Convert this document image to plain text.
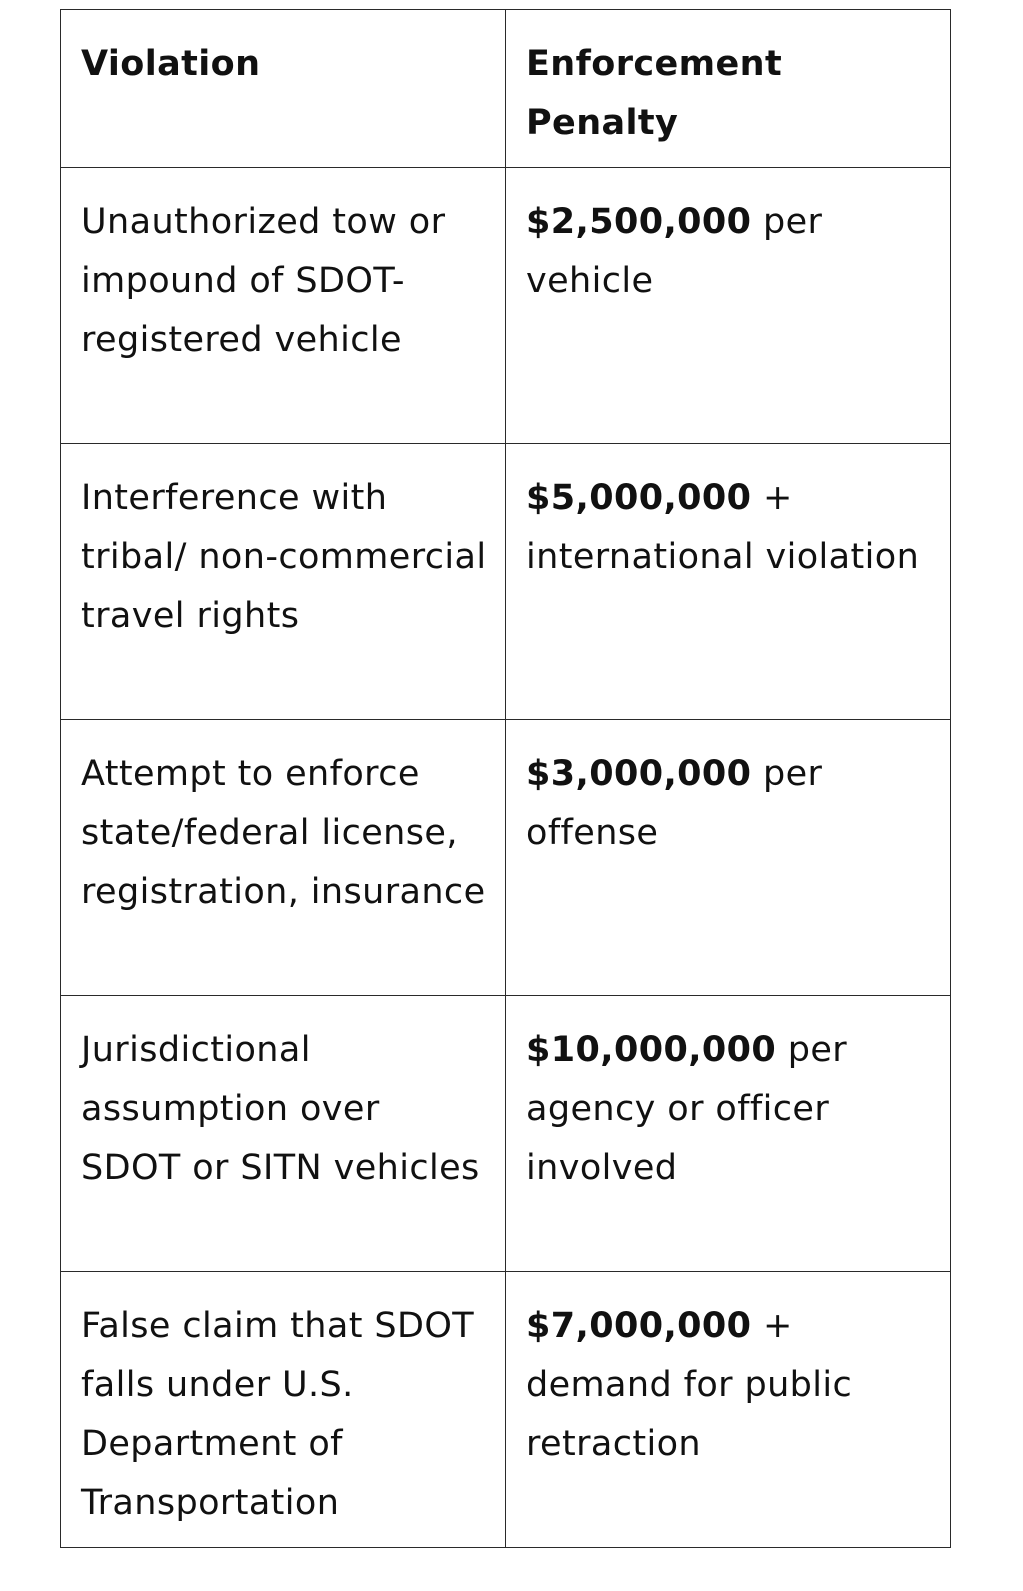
Violation	Enforcement Penalty
Unauthorized tow or impound of SDOT-registered vehicle	$2,500,000 per vehicle
Interference with tribal/ non-commercial travel rights	$5,000,000 + international violation
Attempt to enforce state/federal license, registration, insurance	$3,000,000 per offense
Jurisdictional assumption over SDOT or SITN vehicles	$10,000,000 per agency or officer involved
False claim that SDOT falls under U.S. Department of Transportation	$7,000,000 + demand for public retraction
